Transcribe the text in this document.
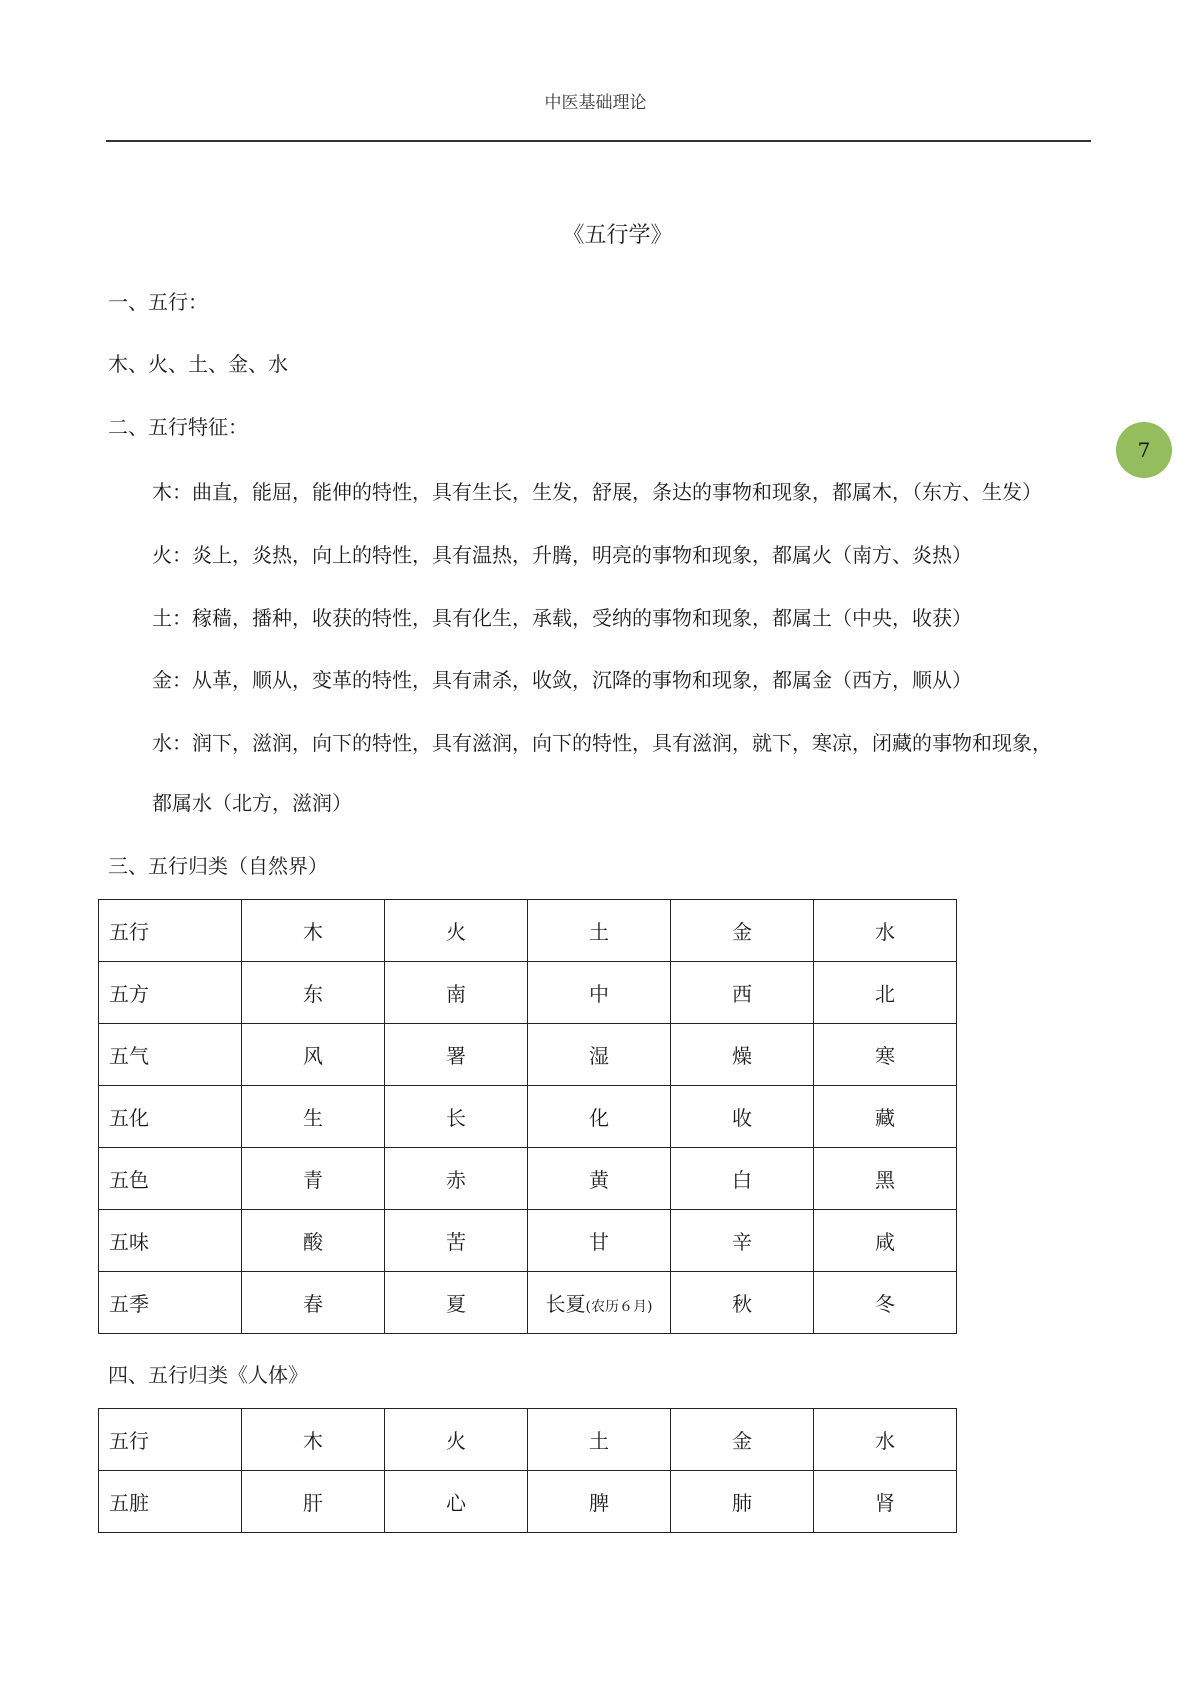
中医基础理论
7
《五行学》
一、五行：
木、火、土、金、水
二、五行特征：
木：曲直，能屈，能伸的特性，具有生长，生发，舒展，条达的事物和现象，都属木，（东方、生发）
火：炎上，炎热，向上的特性，具有温热，升腾，明亮的事物和现象，都属火（南方、炎热）
土：稼穑，播种，收获的特性，具有化生，承载，受纳的事物和现象，都属土（中央，收获）
金：从革，顺从，变革的特性，具有肃杀，收敛，沉降的事物和现象，都属金（西方，顺从）
水：润下，滋润，向下的特性，具有滋润，向下的特性，具有滋润，就下，寒凉，闭藏的事物和现象，
都属水（北方，滋润）
三、五行归类（自然界）
五行	木	火	土	金	水
五方	东	南	中	西	北
五气	风	署	湿	燥	寒
五化	生	长	化	收	藏
五色	青	赤	黄	白	黑
五味	酸	苦	甘	辛	咸
五季	春	夏	长夏(农历６月)	秋	冬
四、五行归类《人体》
五行	木	火	土	金	水
五脏	肝	心	脾	肺	肾
